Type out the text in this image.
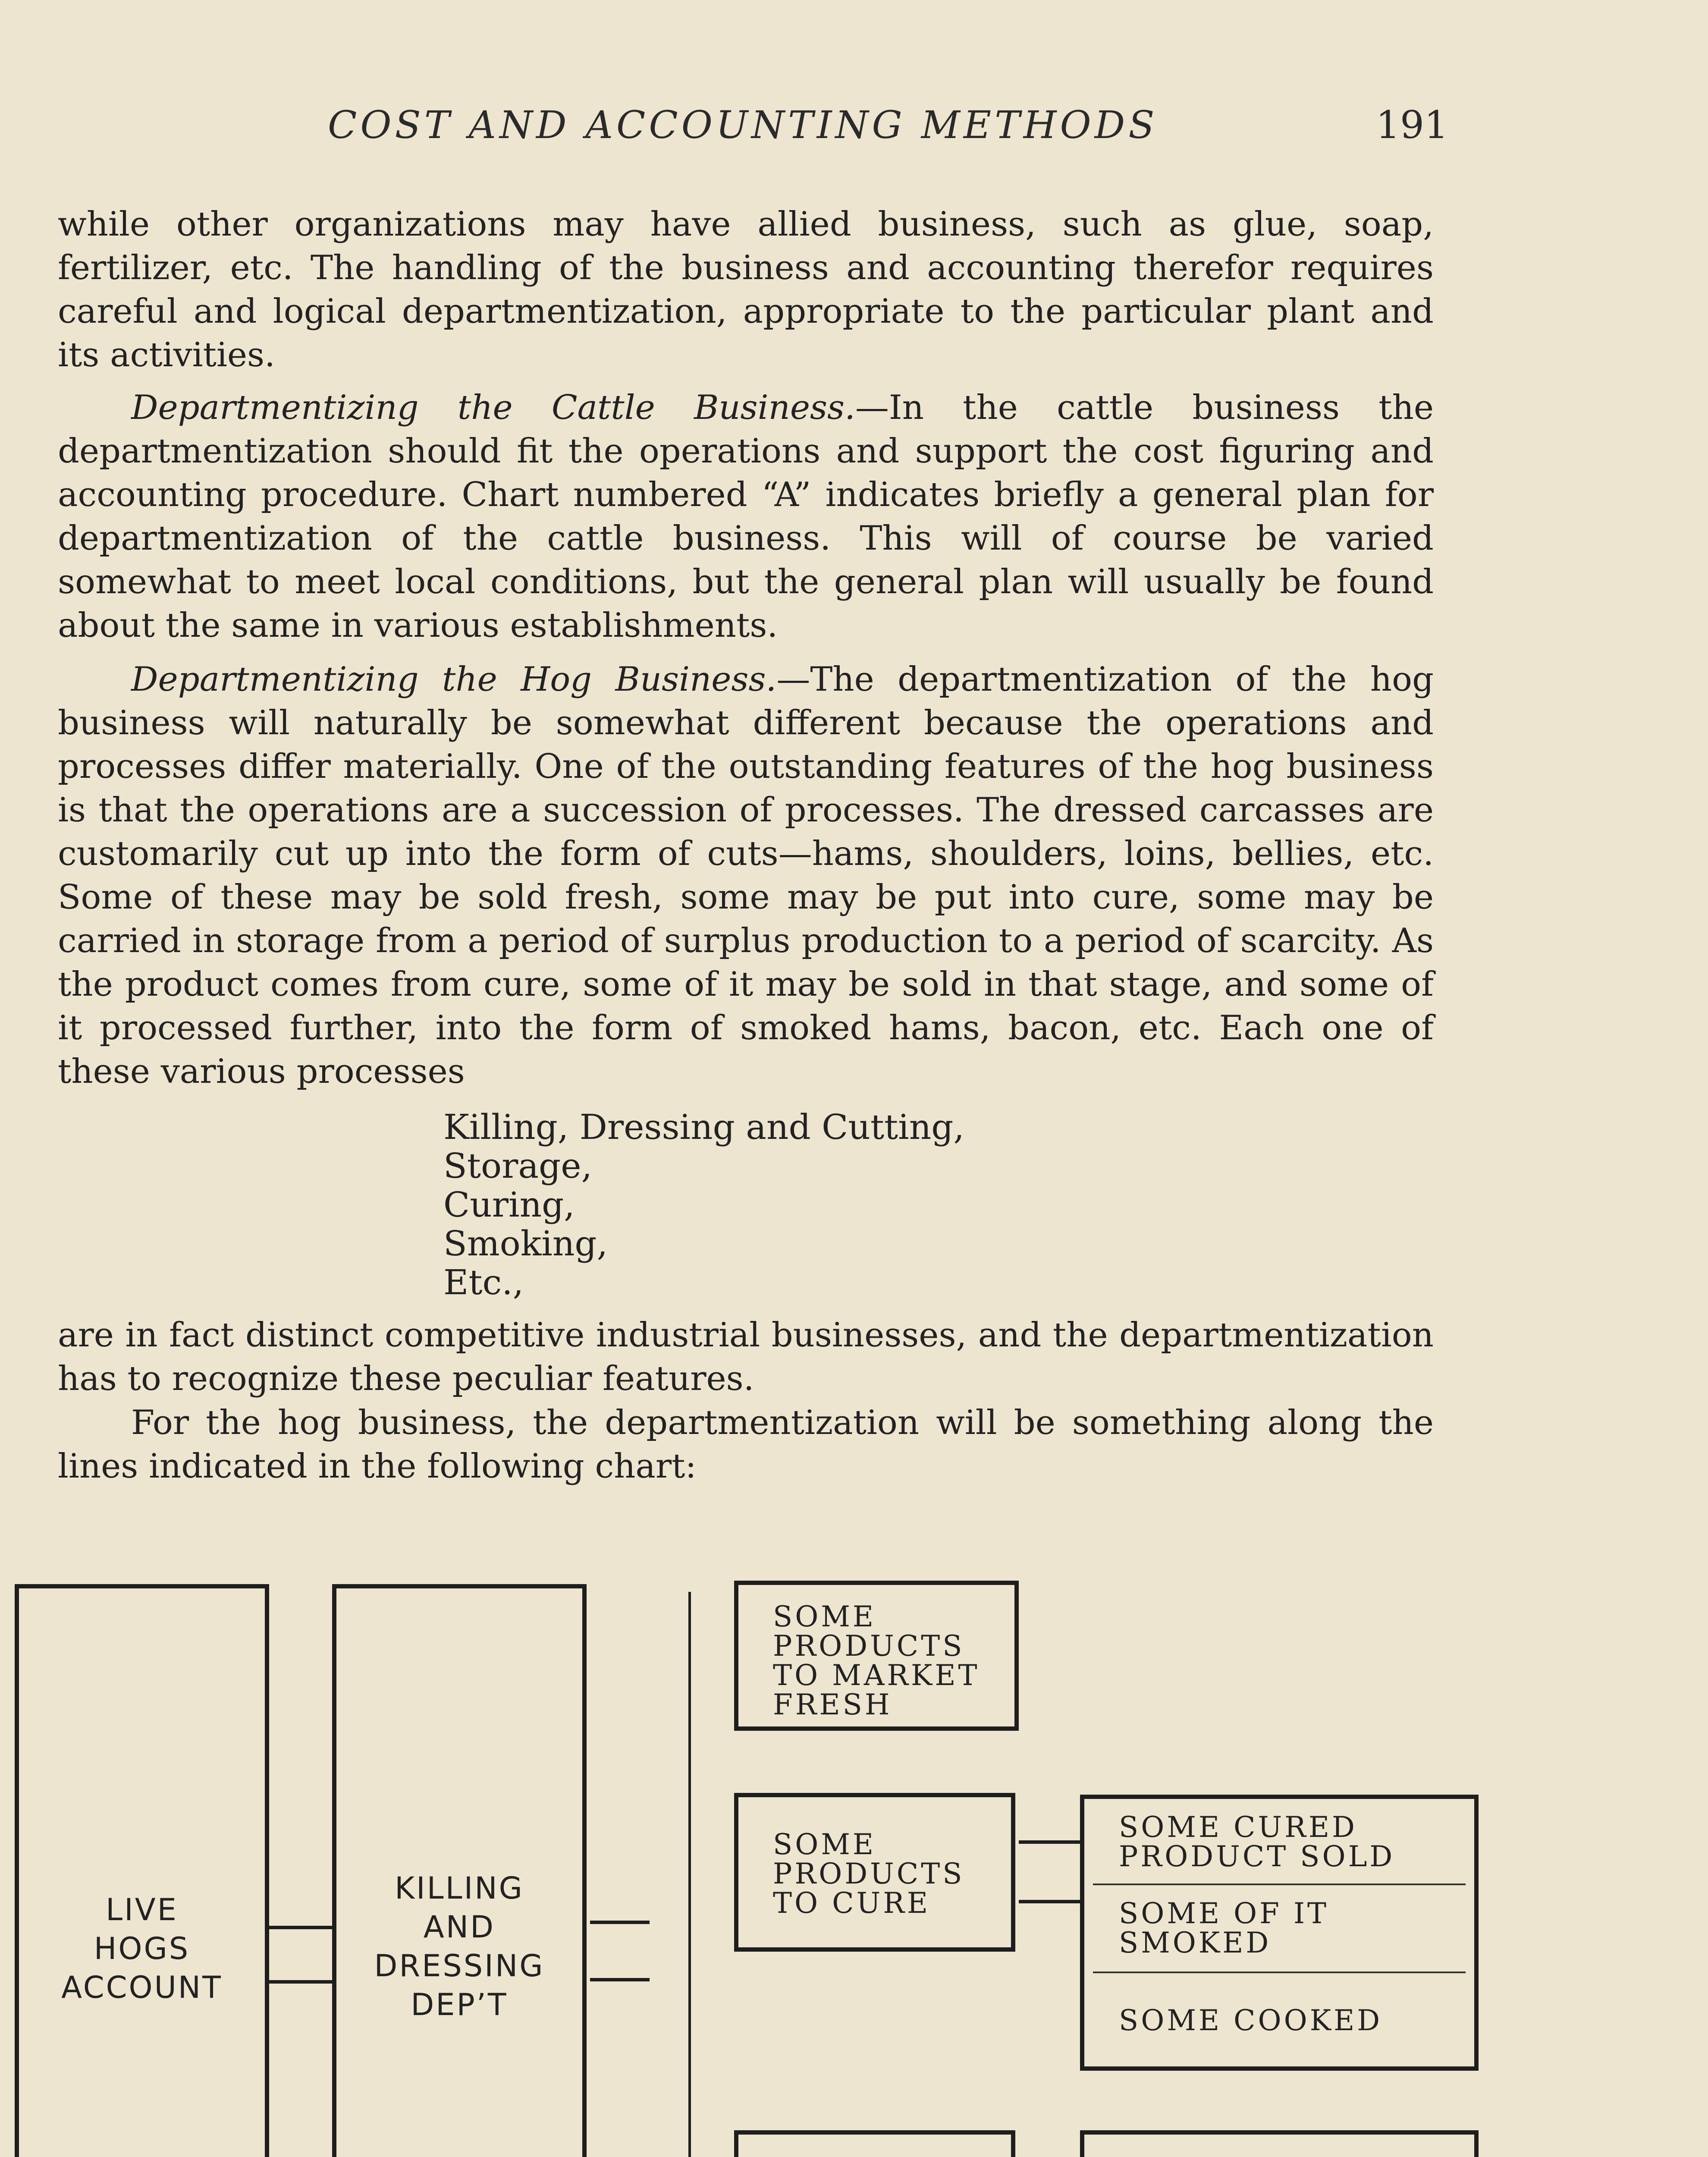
COST AND ACCOUNTING METHODS	191
while other organizations may have allied business, such as glue, soap, fertilizer, etc. The handling of the business and accounting therefor requires careful and logical departmentization, appropriate to the particular plant and its activities.
Departmentizing the Cattle Business.—In the cattle business the departmentization should fit the operations and support the cost figuring and accounting procedure. Chart numbered “A” indicates briefly a general plan for departmentization of the cattle business. This will of course be varied somewhat to meet local conditions, but the general plan will usually be found about the same in various establishments.
Departmentizing the Hog Business.—The departmentization of the hog business will naturally be somewhat different because the operations and processes differ materially. One of the outstanding features of the hog business is that the operations are a succession of processes. The dressed carcasses are customarily cut up into the form of cuts—hams, shoulders, loins, bellies, etc. Some of these may be sold fresh, some may be put into cure, some may be carried in storage from a period of surplus production to a period of scarcity. As the product comes from cure, some of it may be sold in that stage, and some of it processed further, into the form of smoked hams, bacon, etc. Each one of these various processes
Killing, Dressing and Cutting,
Storage,
Curing,
Smoking,
Etc.,
are in fact distinct competitive industrial businesses, and the departmentization has to recognize these peculiar features.
For the hog business, the departmentization will be something along the lines indicated in the following chart:
LIVE
HOGS
ACCOUNT
KILLING
AND
DRESSING
DEP’T
SOME
PRODUCTS
TO MARKET
FRESH
SOME
PRODUCTS
TO CURE
SOME CURED
PRODUCT SOLD
SOME OF IT
SMOKED
SOME COOKED
